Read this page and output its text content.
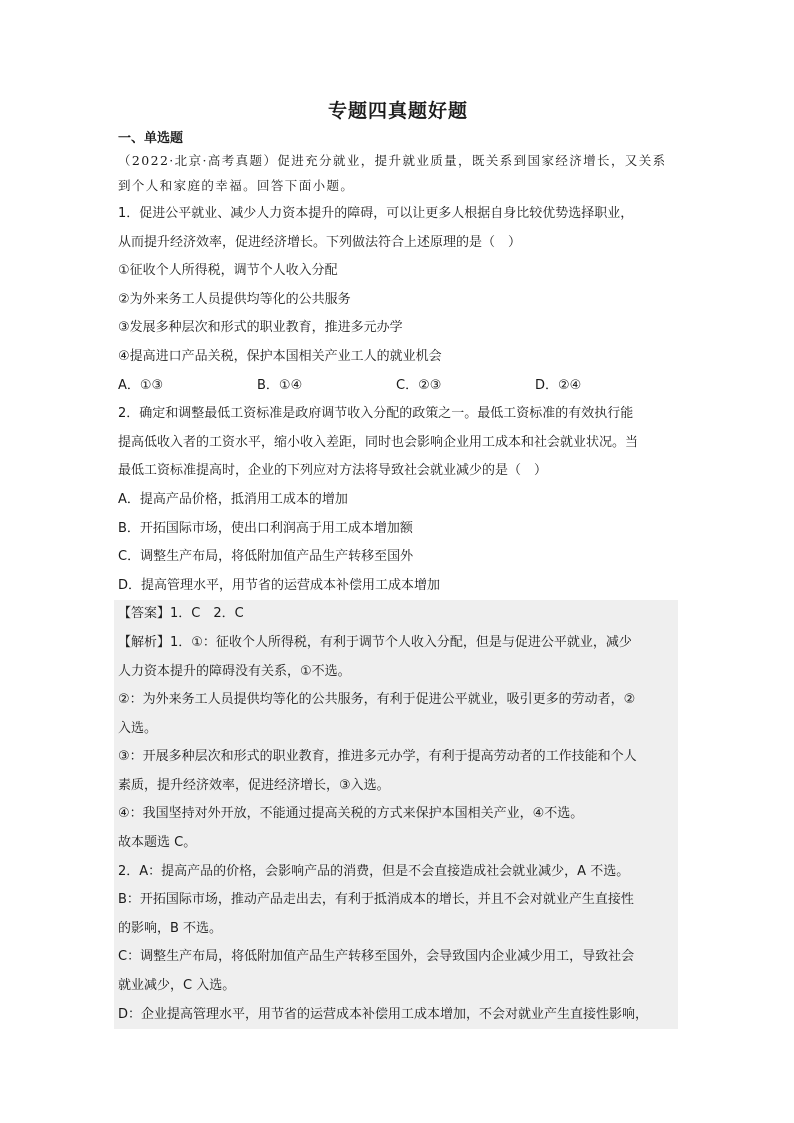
专题四真题好题
一、单选题
（2022·北京·高考真题）促进充分就业，提升就业质量，既关系到国家经济增长，又关系到个人和家庭的幸福。回答下面小题。
1．促进公平就业、减少人力资本提升的障碍，可以让更多人根据自身比较优势选择职业，
从而提升经济效率，促进经济增长。下列做法符合上述原理的是（　）
①征收个人所得税，调节个人收入分配
②为外来务工人员提供均等化的公共服务
③发展多种层次和形式的职业教育，推进多元办学
④提高进口产品关税，保护本国相关产业工人的就业机会
A．①③	B．①④	C．②③	D．②④
2．确定和调整最低工资标准是政府调节收入分配的政策之一。最低工资标准的有效执行能
提高低收入者的工资水平，缩小收入差距，同时也会影响企业用工成本和社会就业状况。当
最低工资标准提高时，企业的下列应对方法将导致社会就业减少的是（　）
A．提高产品价格，抵消用工成本的增加
B．开拓国际市场，使出口利润高于用工成本增加额
C．调整生产布局，将低附加值产品生产转移至国外
D．提高管理水平，用节省的运营成本补偿用工成本增加
【答案】1．C　2．C
【解析】1．①：征收个人所得税，有利于调节个人收入分配，但是与促进公平就业，减少
人力资本提升的障碍没有关系，①不选。
②：为外来务工人员提供均等化的公共服务，有利于促进公平就业，吸引更多的劳动者，②
入选。
③：开展多种层次和形式的职业教育，推进多元办学，有利于提高劳动者的工作技能和个人
素质，提升经济效率，促进经济增长，③入选。
④：我国坚持对外开放，不能通过提高关税的方式来保护本国相关产业，④不选。
故本题选 C。
2．A：提高产品的价格，会影响产品的消费，但是不会直接造成社会就业减少，A 不选。
B：开拓国际市场，推动产品走出去，有利于抵消成本的增长，并且不会对就业产生直接性
的影响，B 不选。
C：调整生产布局，将低附加值产品生产转移至国外，会导致国内企业减少用工，导致社会
就业减少，C 入选。
D：企业提高管理水平，用节省的运营成本补偿用工成本增加，不会对就业产生直接性影响，
